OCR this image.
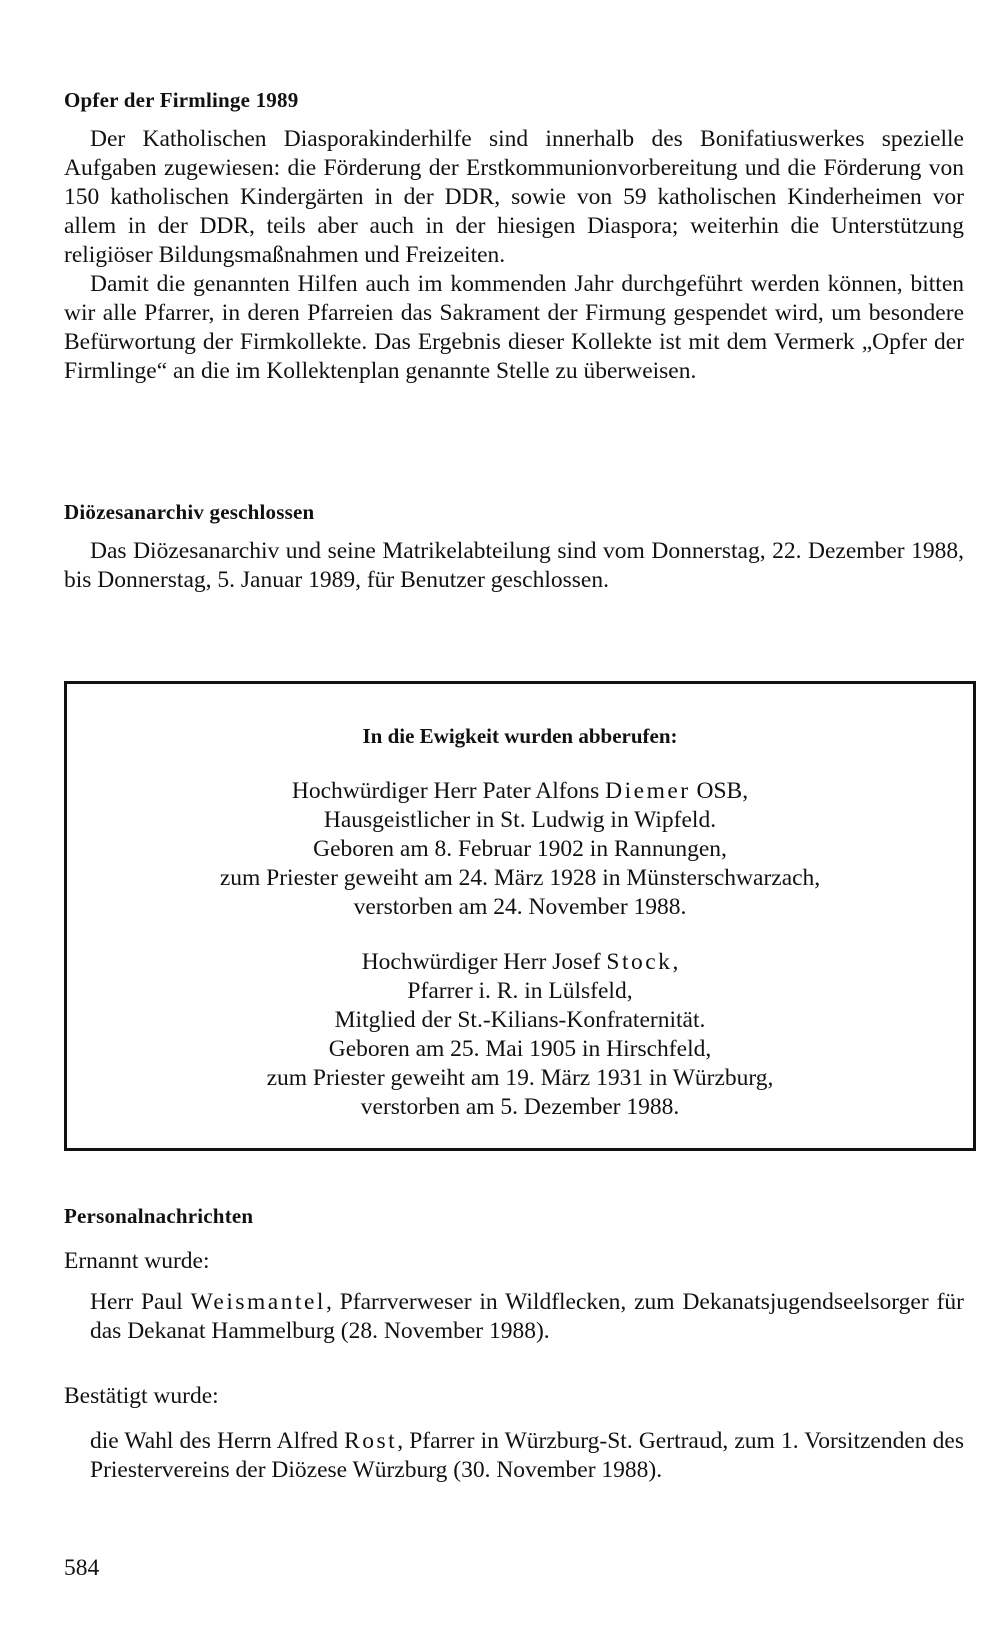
Opfer der Firmlinge 1989

Der Katholischen Diasporakinderhilfe sind innerhalb des Bonifatiuswerkes spezielle Aufgaben zugewiesen: die Förderung der Erstkommunionvorbereitung und die Förderung von 150 katholischen Kindergärten in der DDR, sowie von 59 katholischen Kinderheimen vor allem in der DDR, teils aber auch in der hiesigen Diaspora; weiterhin die Unterstützung religiöser Bildungsmaßnahmen und Freizeiten.

Damit die genannten Hilfen auch im kommenden Jahr durchgeführt werden können, bitten wir alle Pfarrer, in deren Pfarreien das Sakrament der Firmung gespendet wird, um besondere Befürwortung der Firmkollekte. Das Ergebnis dieser Kollekte ist mit dem Vermerk „Opfer der Firmlinge“ an die im Kollektenplan genannte Stelle zu überweisen.

Diözesanarchiv geschlossen

Das Diözesanarchiv und seine Matrikelabteilung sind vom Donnerstag, 22. Dezember 1988, bis Donnerstag, 5. Januar 1989, für Benutzer geschlossen.

In die Ewigkeit wurden abberufen:
Hochwürdiger Herr Pater Alfons Diemer OSB,
Hausgeistlicher in St. Ludwig in Wipfeld.
Geboren am 8. Februar 1902 in Rannungen,
zum Priester geweiht am 24. März 1928 in Münsterschwarzach,
verstorben am 24. November 1988.
Hochwürdiger Herr Josef Stock,
Pfarrer i. R. in Lülsfeld,
Mitglied der St.-Kilians-Konfraternität.
Geboren am 25. Mai 1905 in Hirschfeld,
zum Priester geweiht am 19. März 1931 in Würzburg,
verstorben am 5. Dezember 1988.
Personalnachrichten
Ernannt wurde:

Herr Paul Weismantel, Pfarrverweser in Wildflecken, zum Dekanatsjugendseelsorger für das Dekanat Hammelburg (28. November 1988).

Bestätigt wurde:

die Wahl des Herrn Alfred Rost, Pfarrer in Würzburg-St. Gertraud, zum 1. Vorsitzenden des Priestervereins der Diözese Würzburg (30. November 1988).

584
